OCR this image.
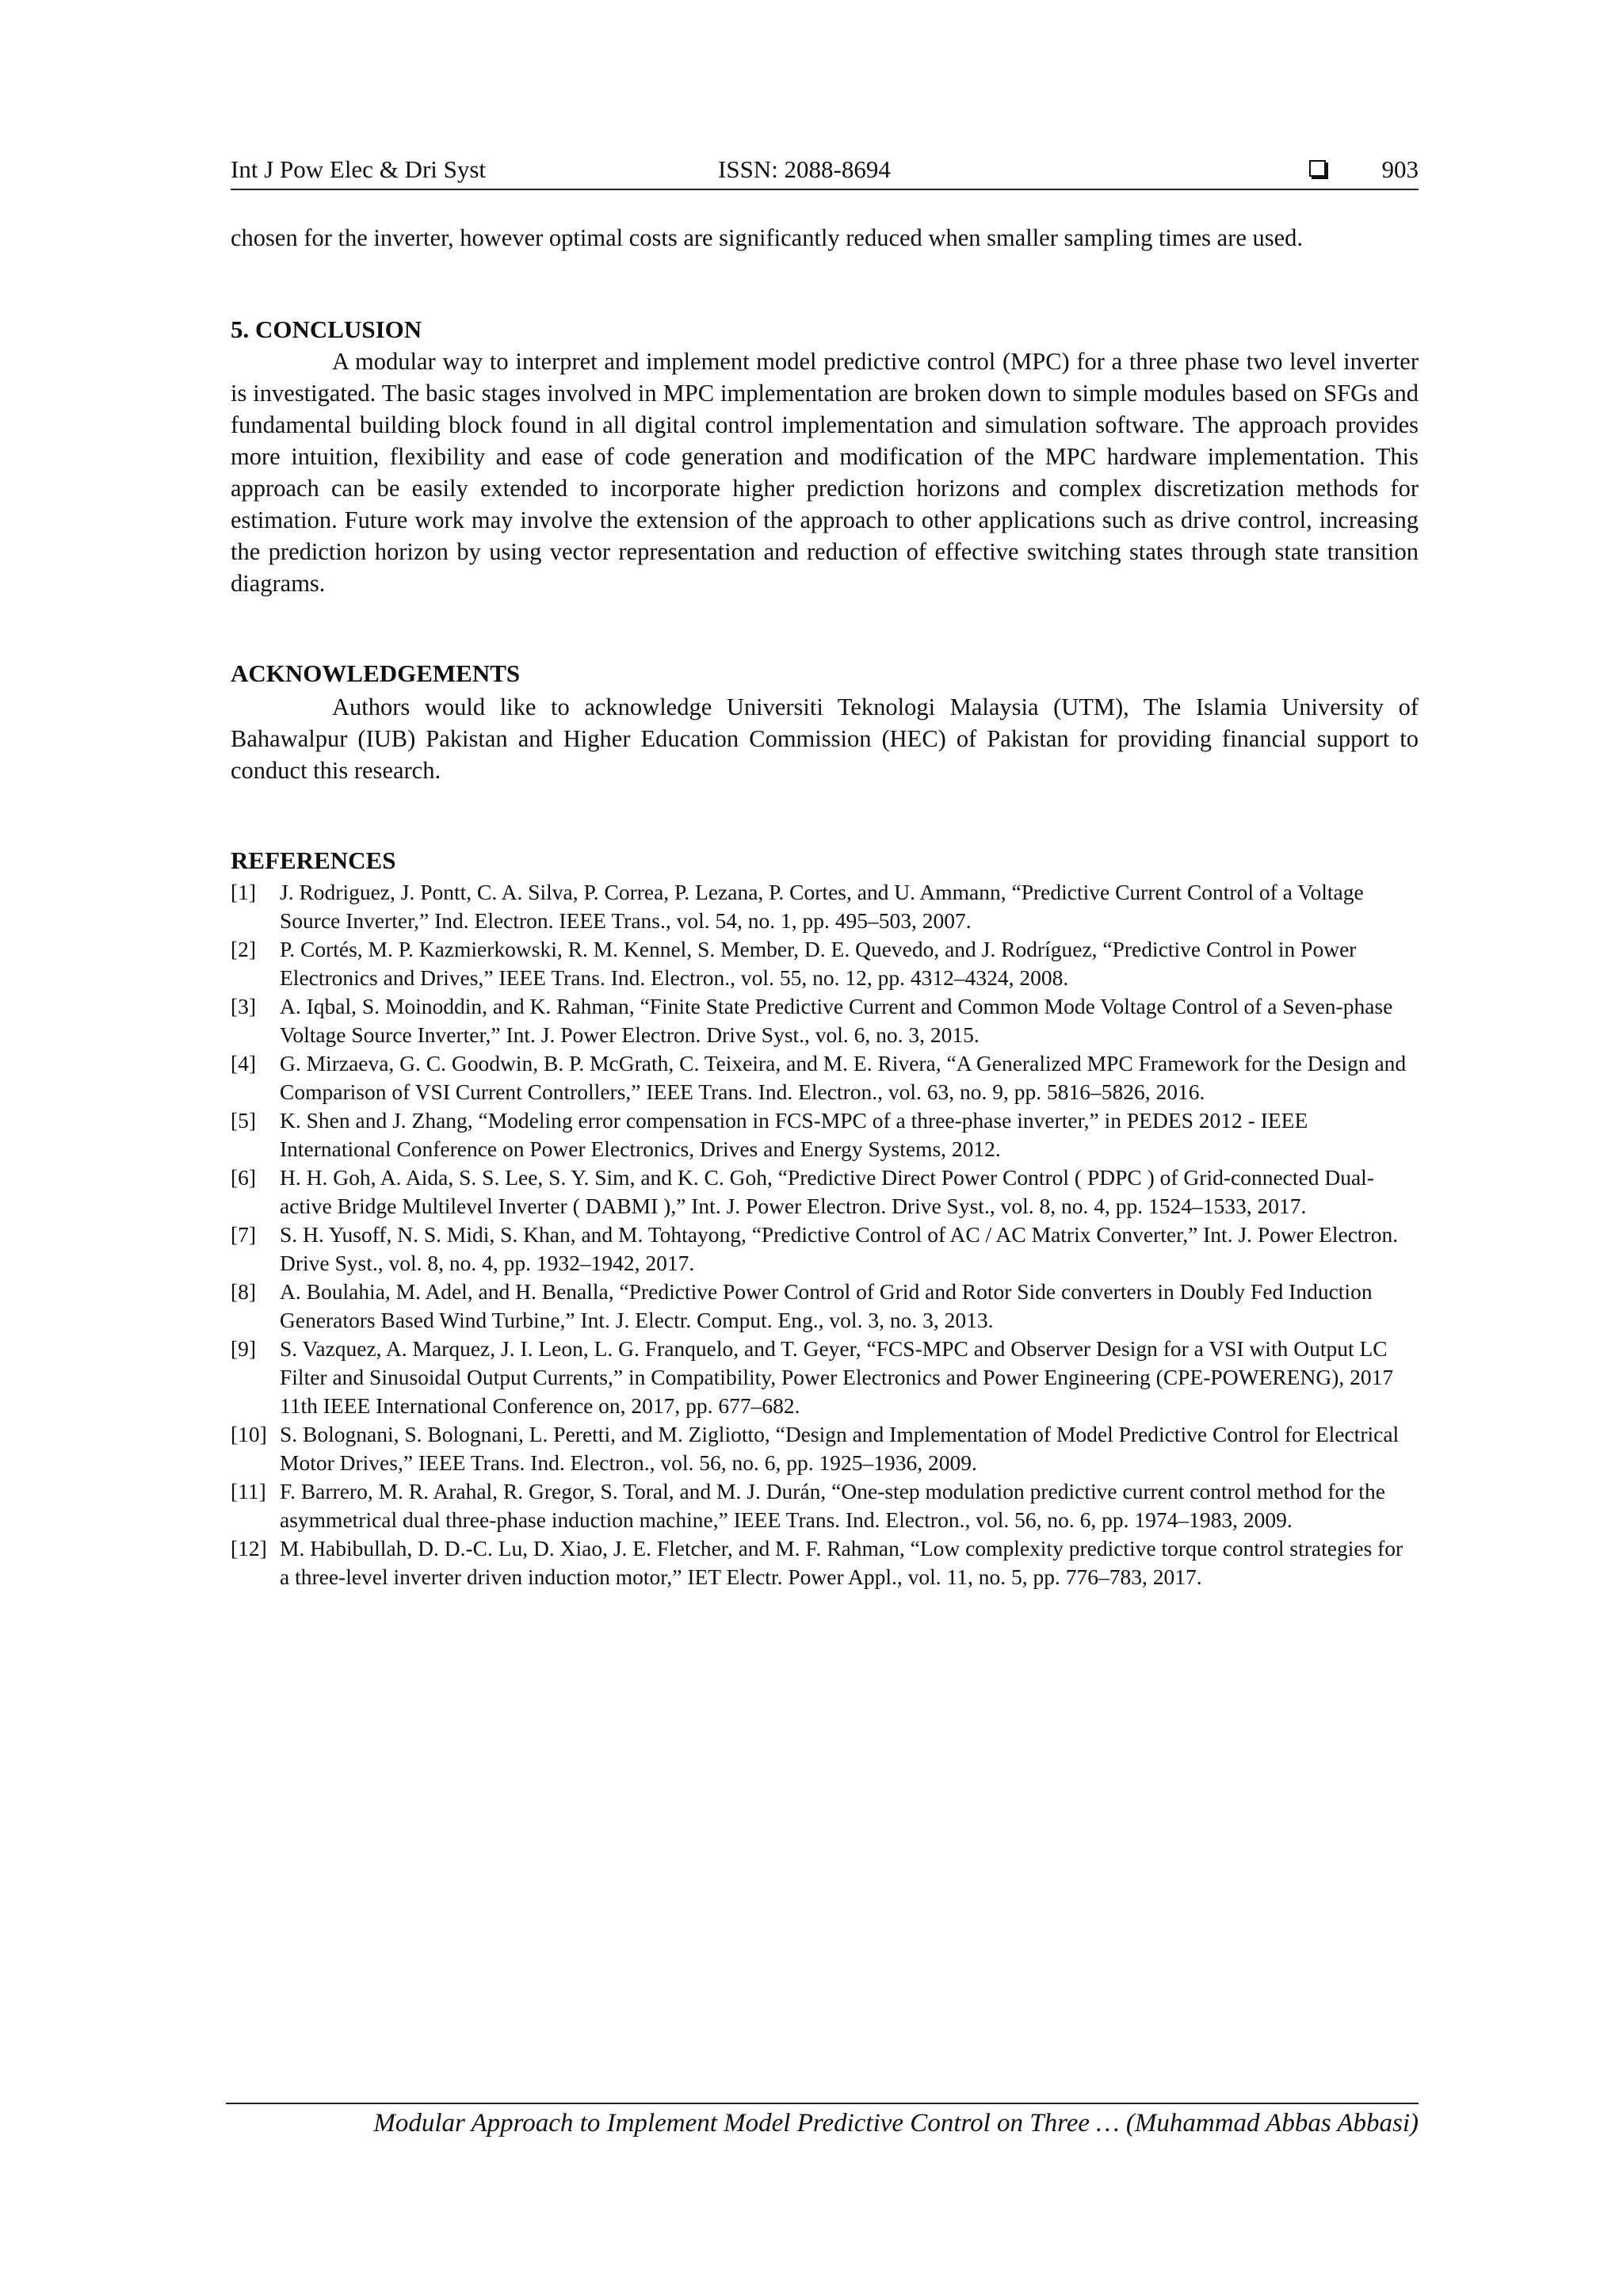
Int J Pow Elec & Dri Syst	ISSN: 2088-8694	903
chosen for the inverter, however optimal costs are significantly reduced when smaller sampling times are used.
5. CONCLUSION

A modular way to interpret and implement model predictive control (MPC) for a three phase two level inverter is investigated. The basic stages involved in MPC implementation are broken down to simple modules based on SFGs and fundamental building block found in all digital control implementation and simulation software. The approach provides more intuition, flexibility and ease of code generation and modification of the MPC hardware implementation. This approach can be easily extended to incorporate higher prediction horizons and complex discretization methods for estimation. Future work may involve the extension of the approach to other applications such as drive control, increasing the prediction horizon by using vector representation and reduction of effective switching states through state transition diagrams.

ACKNOWLEDGEMENTS

Authors would like to acknowledge Universiti Teknologi Malaysia (UTM), The Islamia University of Bahawalpur (IUB) Pakistan and Higher Education Commission (HEC) of Pakistan for providing financial support to conduct this research.

REFERENCES
[1] J. Rodriguez, J. Pontt, C. A. Silva, P. Correa, P. Lezana, P. Cortes, and U. Ammann, “Predictive Current Control of a Voltage Source Inverter,” Ind. Electron. IEEE Trans., vol. 54, no. 1, pp. 495–503, 2007.
[2] P. Cortés, M. P. Kazmierkowski, R. M. Kennel, S. Member, D. E. Quevedo, and J. Rodríguez, “Predictive Control in Power Electronics and Drives,” IEEE Trans. Ind. Electron., vol. 55, no. 12, pp. 4312–4324, 2008.
[3] A. Iqbal, S. Moinoddin, and K. Rahman, “Finite State Predictive Current and Common Mode Voltage Control of a Seven-phase Voltage Source Inverter,” Int. J. Power Electron. Drive Syst., vol. 6, no. 3, 2015.
[4] G. Mirzaeva, G. C. Goodwin, B. P. McGrath, C. Teixeira, and M. E. Rivera, “A Generalized MPC Framework for the Design and Comparison of VSI Current Controllers,” IEEE Trans. Ind. Electron., vol. 63, no. 9, pp. 5816–5826, 2016.
[5] K. Shen and J. Zhang, “Modeling error compensation in FCS-MPC of a three-phase inverter,” in PEDES 2012 - IEEE International Conference on Power Electronics, Drives and Energy Systems, 2012.
[6] H. H. Goh, A. Aida, S. S. Lee, S. Y. Sim, and K. C. Goh, “Predictive Direct Power Control ( PDPC ) of Grid-connected Dual-active Bridge Multilevel Inverter ( DABMI ),” Int. J. Power Electron. Drive Syst., vol. 8, no. 4, pp. 1524–1533, 2017.
[7] S. H. Yusoff, N. S. Midi, S. Khan, and M. Tohtayong, “Predictive Control of AC / AC Matrix Converter,” Int. J. Power Electron. Drive Syst., vol. 8, no. 4, pp. 1932–1942, 2017.
[8] A. Boulahia, M. Adel, and H. Benalla, “Predictive Power Control of Grid and Rotor Side converters in Doubly Fed Induction Generators Based Wind Turbine,” Int. J. Electr. Comput. Eng., vol. 3, no. 3, 2013.
[9] S. Vazquez, A. Marquez, J. I. Leon, L. G. Franquelo, and T. Geyer, “FCS-MPC and Observer Design for a VSI with Output LC Filter and Sinusoidal Output Currents,” in Compatibility, Power Electronics and Power Engineering (CPE-POWERENG), 2017 11th IEEE International Conference on, 2017, pp. 677–682.
[10] S. Bolognani, S. Bolognani, L. Peretti, and M. Zigliotto, “Design and Implementation of Model Predictive Control for Electrical Motor Drives,” IEEE Trans. Ind. Electron., vol. 56, no. 6, pp. 1925–1936, 2009.
[11] F. Barrero, M. R. Arahal, R. Gregor, S. Toral, and M. J. Durán, “One-step modulation predictive current control method for the asymmetrical dual three-phase induction machine,” IEEE Trans. Ind. Electron., vol. 56, no. 6, pp. 1974–1983, 2009.
[12] M. Habibullah, D. D.-C. Lu, D. Xiao, J. E. Fletcher, and M. F. Rahman, “Low complexity predictive torque control strategies for a three-level inverter driven induction motor,” IET Electr. Power Appl., vol. 11, no. 5, pp. 776–783, 2017.
Modular Approach to Implement Model Predictive Control on Three … (Muhammad Abbas Abbasi)
